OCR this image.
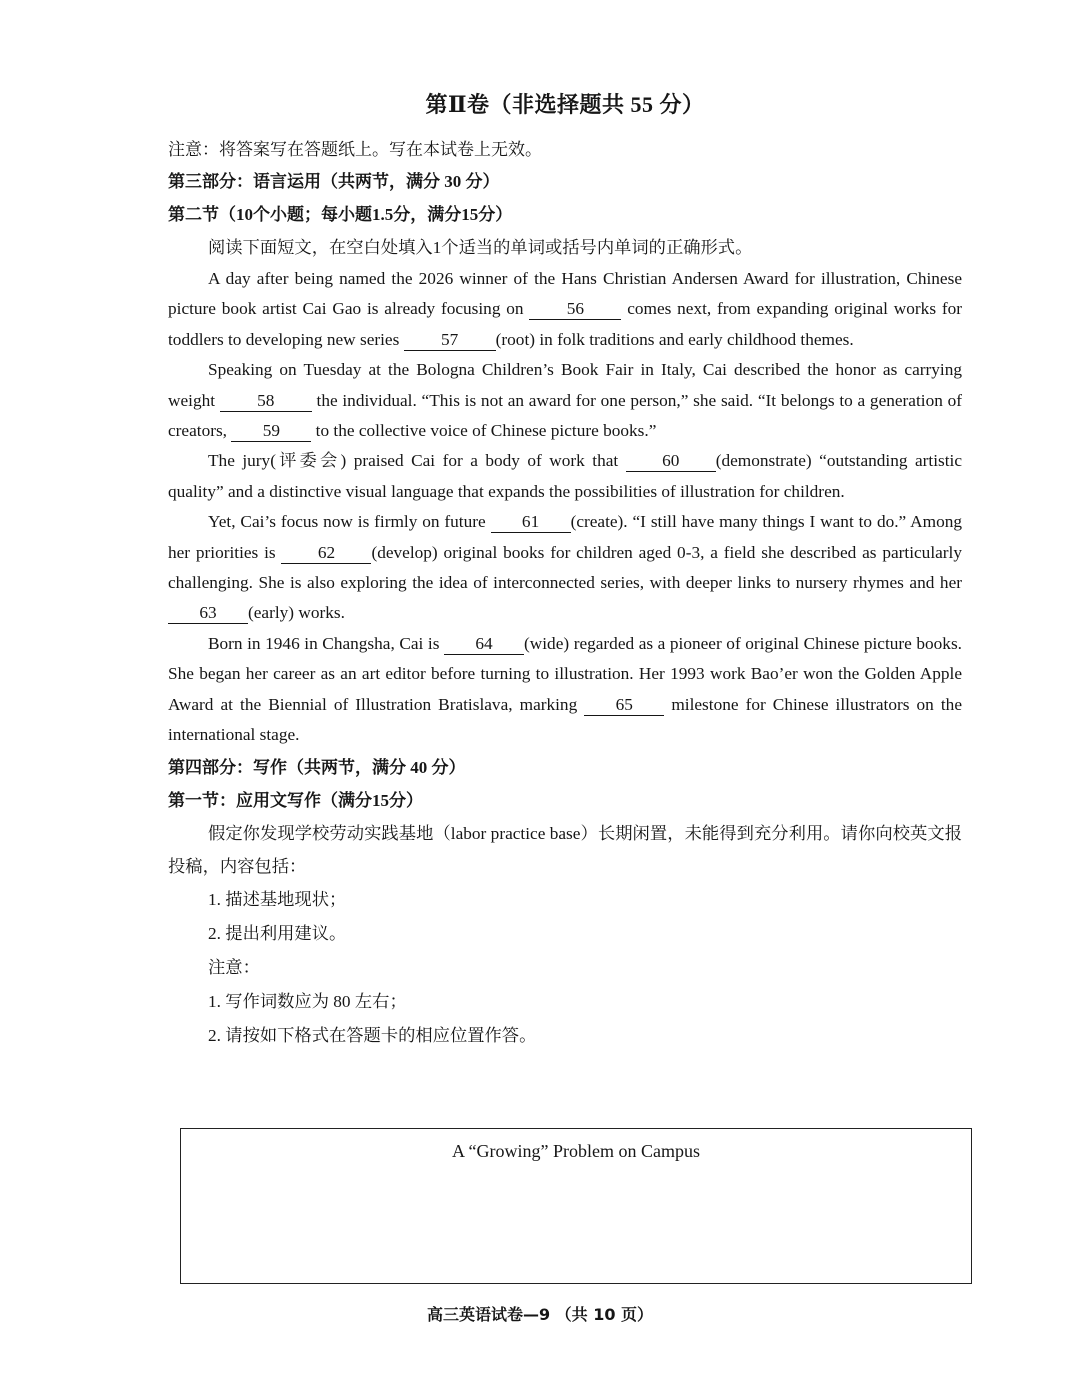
第Ⅱ卷（非选择题共 55 分）
注意：将答案写在答题纸上。写在本试卷上无效。
第三部分：语言运用（共两节，满分 30 分）
第二节（10个小题；每小题1.5分，满分15分）
阅读下面短文，在空白处填入1个适当的单词或括号内单词的正确形式。

A day after being named the 2026 winner of the Hans Christian Andersen Award for illustration, Chinese picture book artist Cai Gao is already focusing on 56 comes next, from expanding original works for toddlers to developing new series 57 (root) in folk traditions and early childhood themes.

Speaking on Tuesday at the Bologna Children’s Book Fair in Italy, Cai described the honor as carrying weight 58 the individual. “This is not an award for one person,” she said. “It belongs to a generation of creators, 59 to the collective voice of Chinese picture books.”

The jury(评委会) praised Cai for a body of work that 60 (demonstrate) “outstanding artistic quality” and a distinctive visual language that expands the possibilities of illustration for children.

Yet, Cai’s focus now is firmly on future 61 (create). “I still have many things I want to do.” Among her priorities is 62 (develop) original books for children aged 0-3, a field she described as particularly challenging. She is also exploring the idea of interconnected series, with deeper links to nursery rhymes and her 63 (early) works.

Born in 1946 in Changsha, Cai is 64 (wide) regarded as a pioneer of original Chinese picture books. She began her career as an art editor before turning to illustration. Her 1993 work Bao’er won the Golden Apple Award at the Biennial of Illustration Bratislava, marking 65 milestone for Chinese illustrators on the international stage.

第四部分：写作（共两节，满分 40 分）
第一节：应用文写作（满分15分）
假定你发现学校劳动实践基地（labor practice base）长期闲置，未能得到充分利用。请你向校英文报投稿，内容包括：
1. 描述基地现状；
2. 提出利用建议。
注意：
1. 写作词数应为 80 左右；
2. 请按如下格式在答题卡的相应位置作答。
A “Growing” Problem on Campus
高三英语试卷—9 （共 10 页）
